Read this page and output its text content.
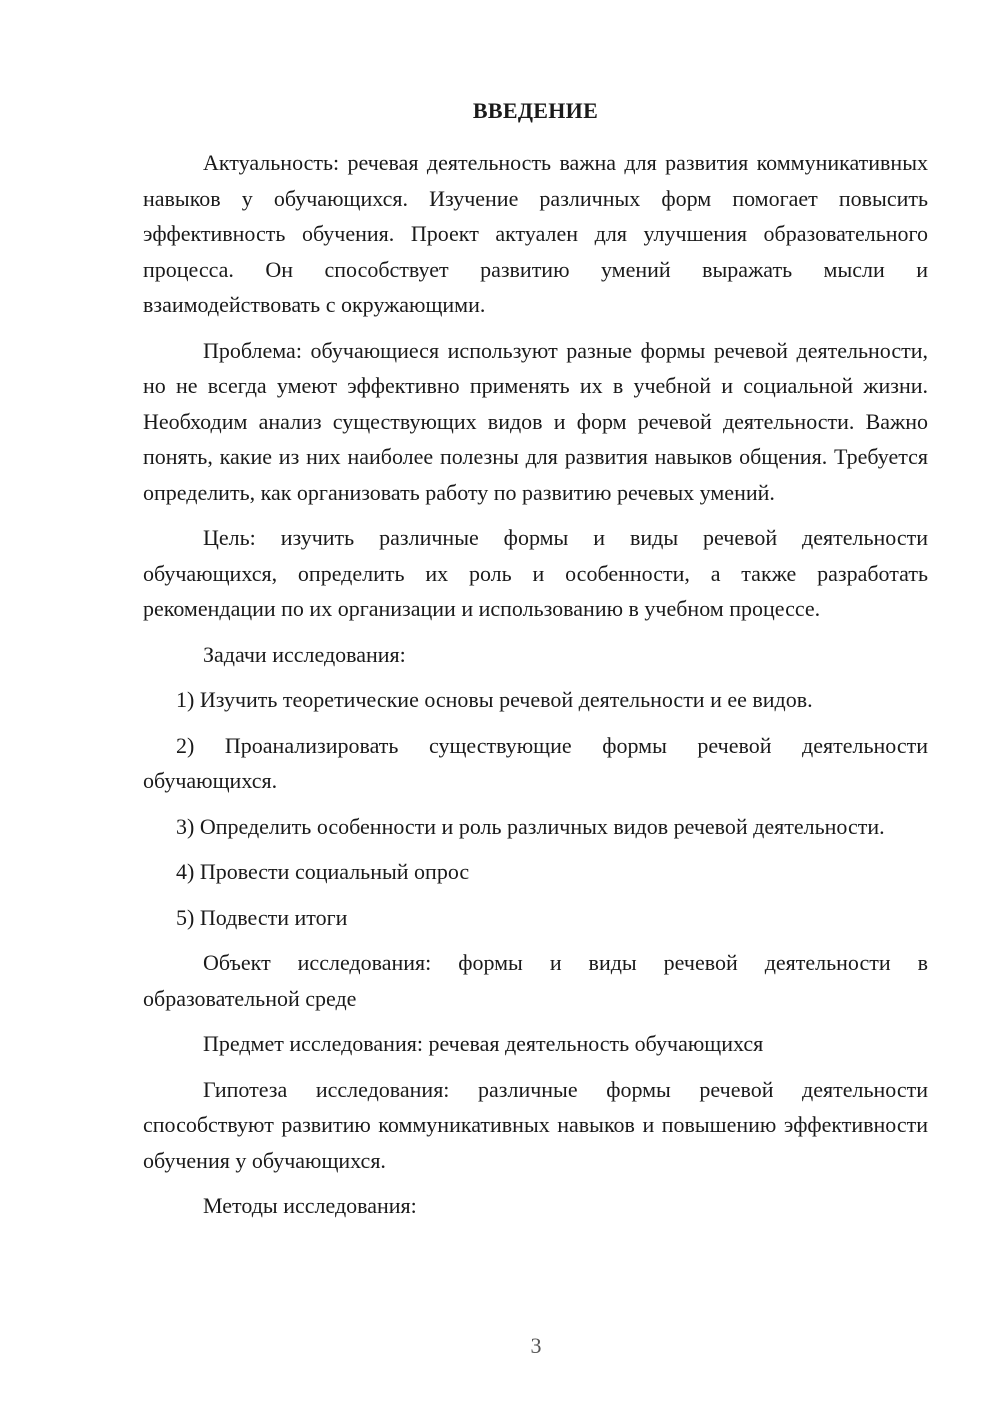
ВВЕДЕНИЕ

Актуальность: речевая деятельность важна для развития коммуникативных навыков у обучающихся. Изучение различных форм помогает повысить эффективность обучения. Проект актуален для улучшения образовательного процесса. Он способствует развитию умений выражать мысли и взаимодействовать с окружающими.

Проблема: обучающиеся используют разные формы речевой деятельности, но не всегда умеют эффективно применять их в учебной и социальной жизни. Необходим анализ существующих видов и форм речевой деятельности. Важно понять, какие из них наиболее полезны для развития навыков общения. Требуется определить, как организовать работу по развитию речевых умений.

Цель: изучить различные формы и виды речевой деятельности обучающихся, определить их роль и особенности, а также разработать рекомендации по их организации и использованию в учебном процессе.

Задачи исследования:

1) Изучить теоретические основы речевой деятельности и ее видов.

2) Проанализировать существующие формы речевой деятельности обучающихся.

3) Определить особенности и роль различных видов речевой деятельности.

4) Провести социальный опрос

5) Подвести итоги

Объект исследования: формы и виды речевой деятельности в образовательной среде

Предмет исследования: речевая деятельность обучающихся

Гипотеза исследования: различные формы речевой деятельности способствуют развитию коммуникативных навыков и повышению эффективности обучения у обучающихся.

Методы исследования:

3
